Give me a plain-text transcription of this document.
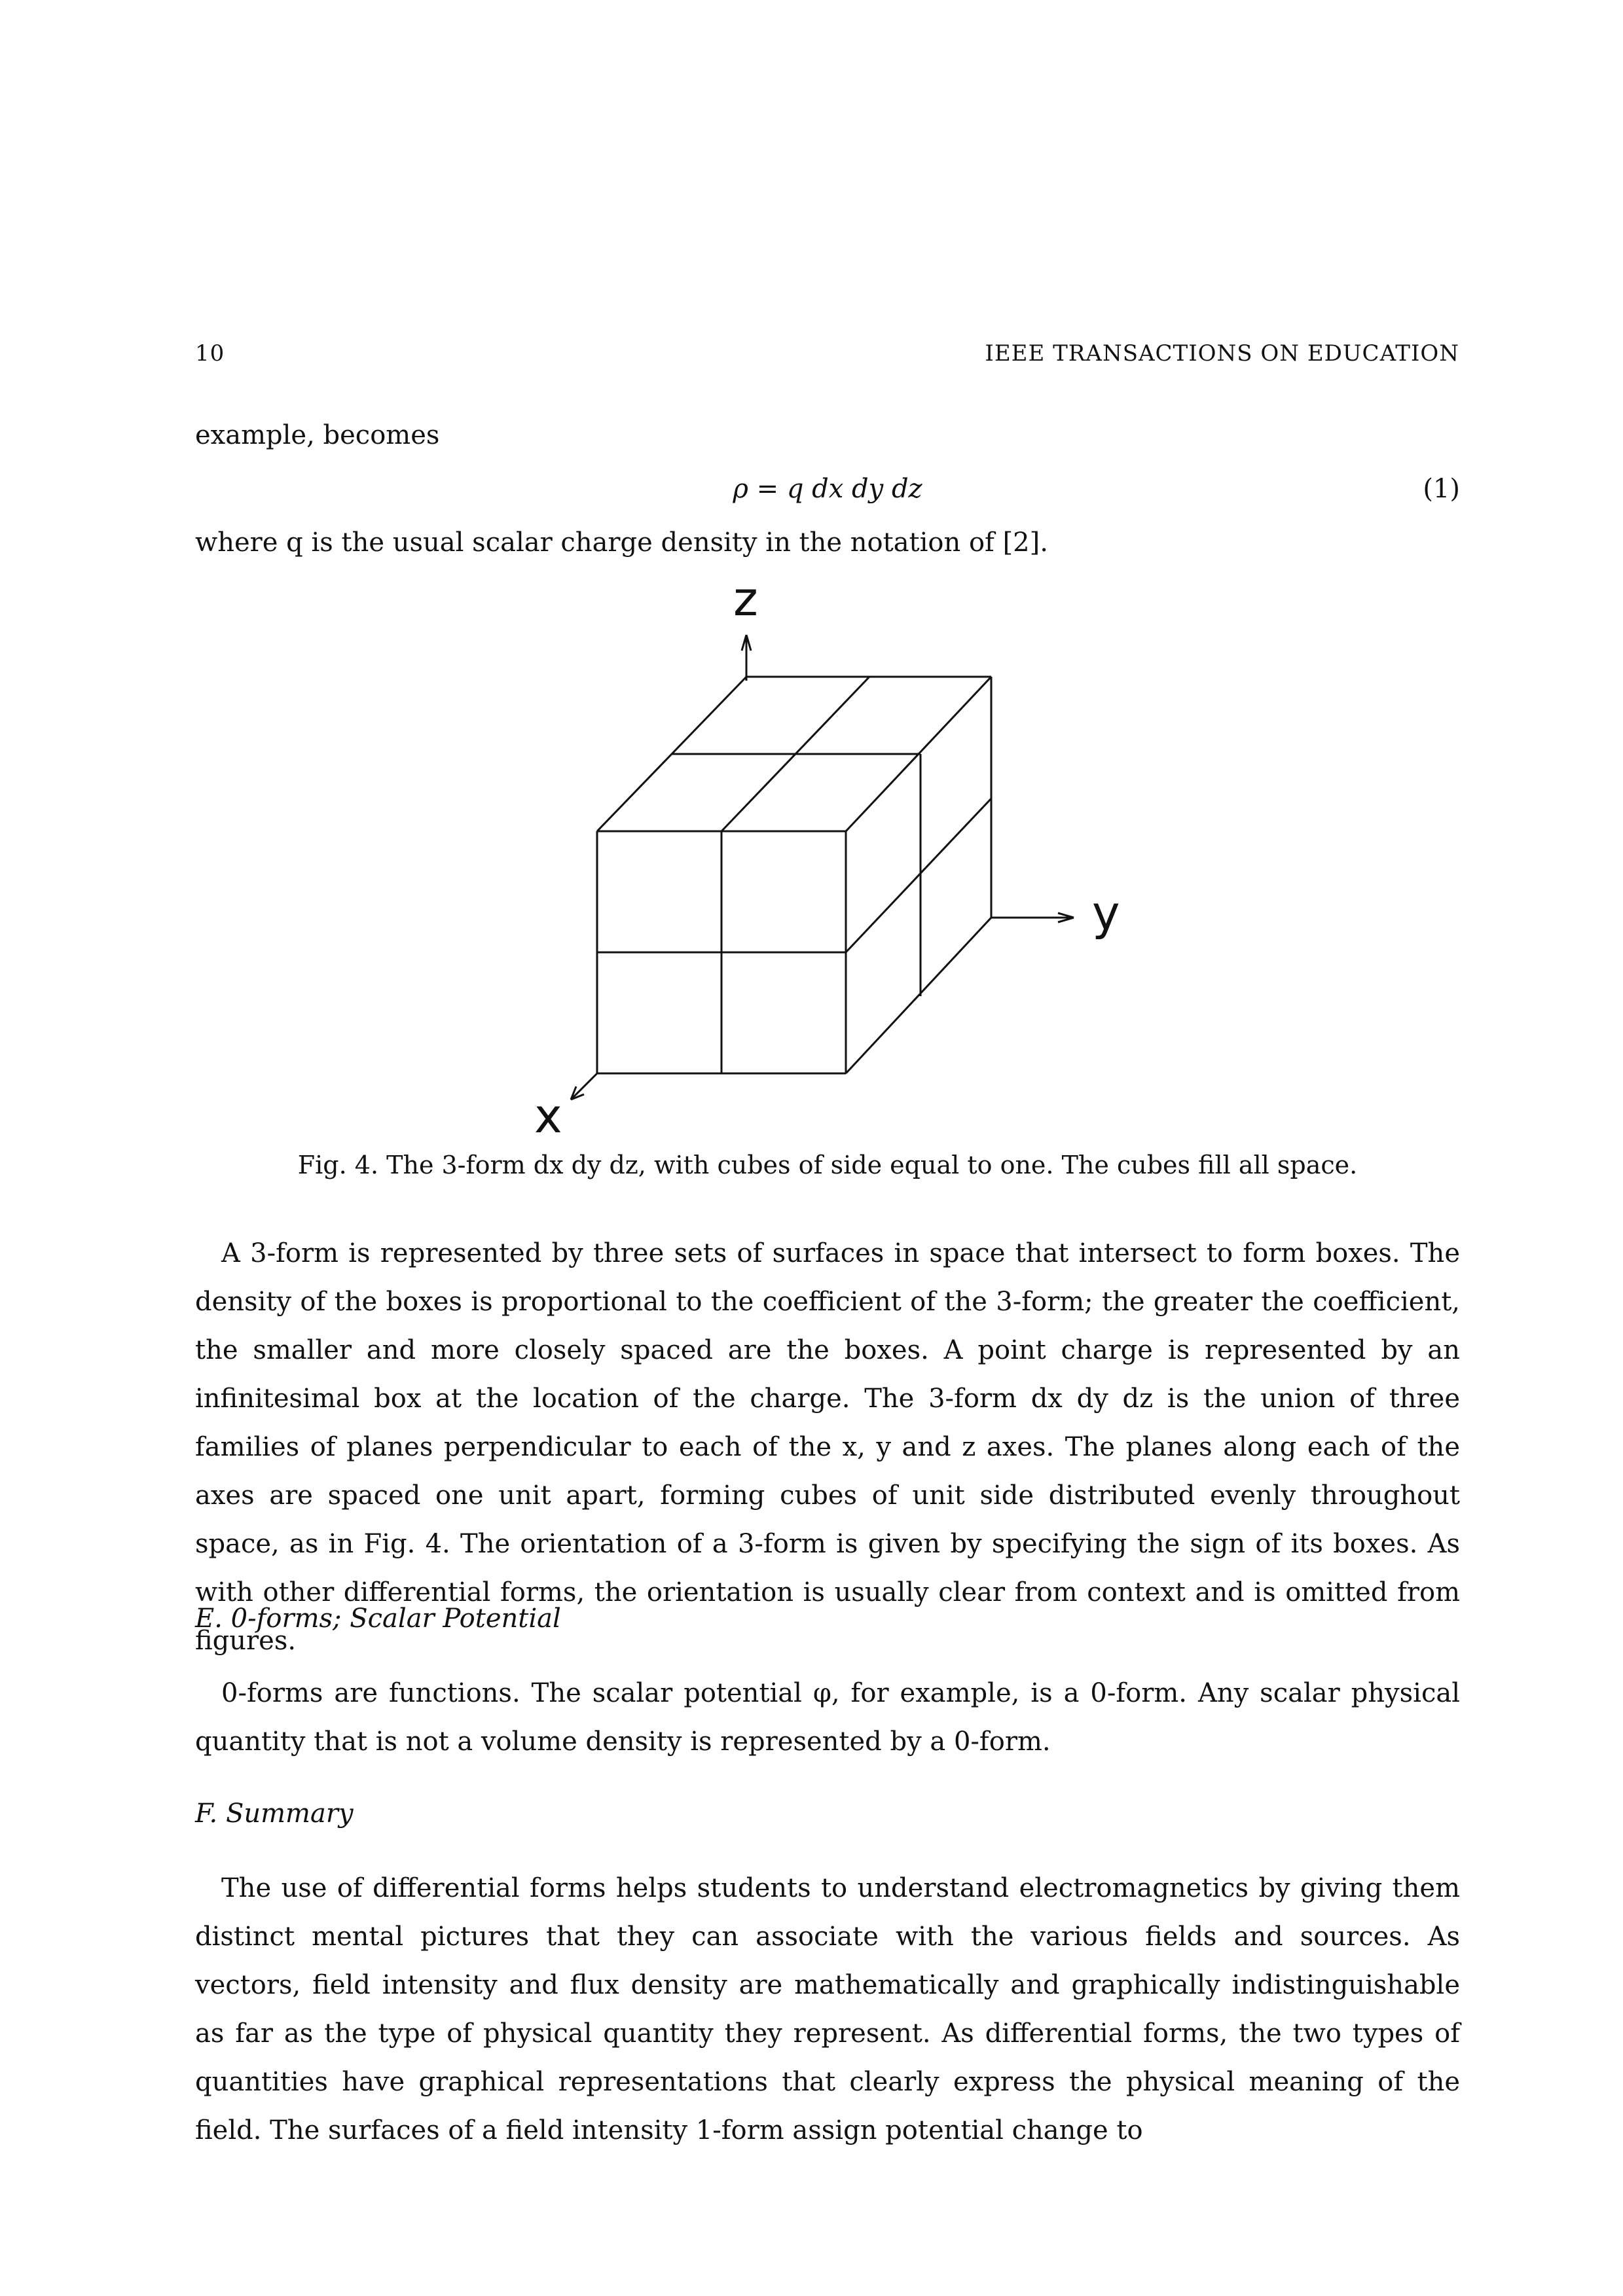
10	IEEE TRANSACTIONS ON EDUCATION
example, becomes
ρ = q dx dy dz	(1)
where q is the usual scalar charge density in the notation of [2].
z
y
x
Fig. 4. The 3-form dx dy dz, with cubes of side equal to one. The cubes fill all space.
A 3-form is represented by three sets of surfaces in space that intersect to form boxes. The density of the boxes is proportional to the coefficient of the 3-form; the greater the coefficient, the smaller and more closely spaced are the boxes. A point charge is represented by an infinitesimal box at the location of the charge. The 3-form dx dy dz is the union of three families of planes perpendicular to each of the x, y and z axes. The planes along each of the axes are spaced one unit apart, forming cubes of unit side distributed evenly throughout space, as in Fig. 4. The orientation of a 3-form is given by specifying the sign of its boxes. As with other differential forms, the orientation is usually clear from context and is omitted from figures.
E. 0-forms; Scalar Potential
0-forms are functions. The scalar potential φ, for example, is a 0-form. Any scalar physical quantity that is not a volume density is represented by a 0-form.
F. Summary
The use of differential forms helps students to understand electromagnetics by giving them distinct mental pictures that they can associate with the various fields and sources. As vectors, field intensity and flux density are mathematically and graphically indistinguishable as far as the type of physical quantity they represent. As differential forms, the two types of quantities have graphical representations that clearly express the physical meaning of the field. The surfaces of a field intensity 1-form assign potential change to
